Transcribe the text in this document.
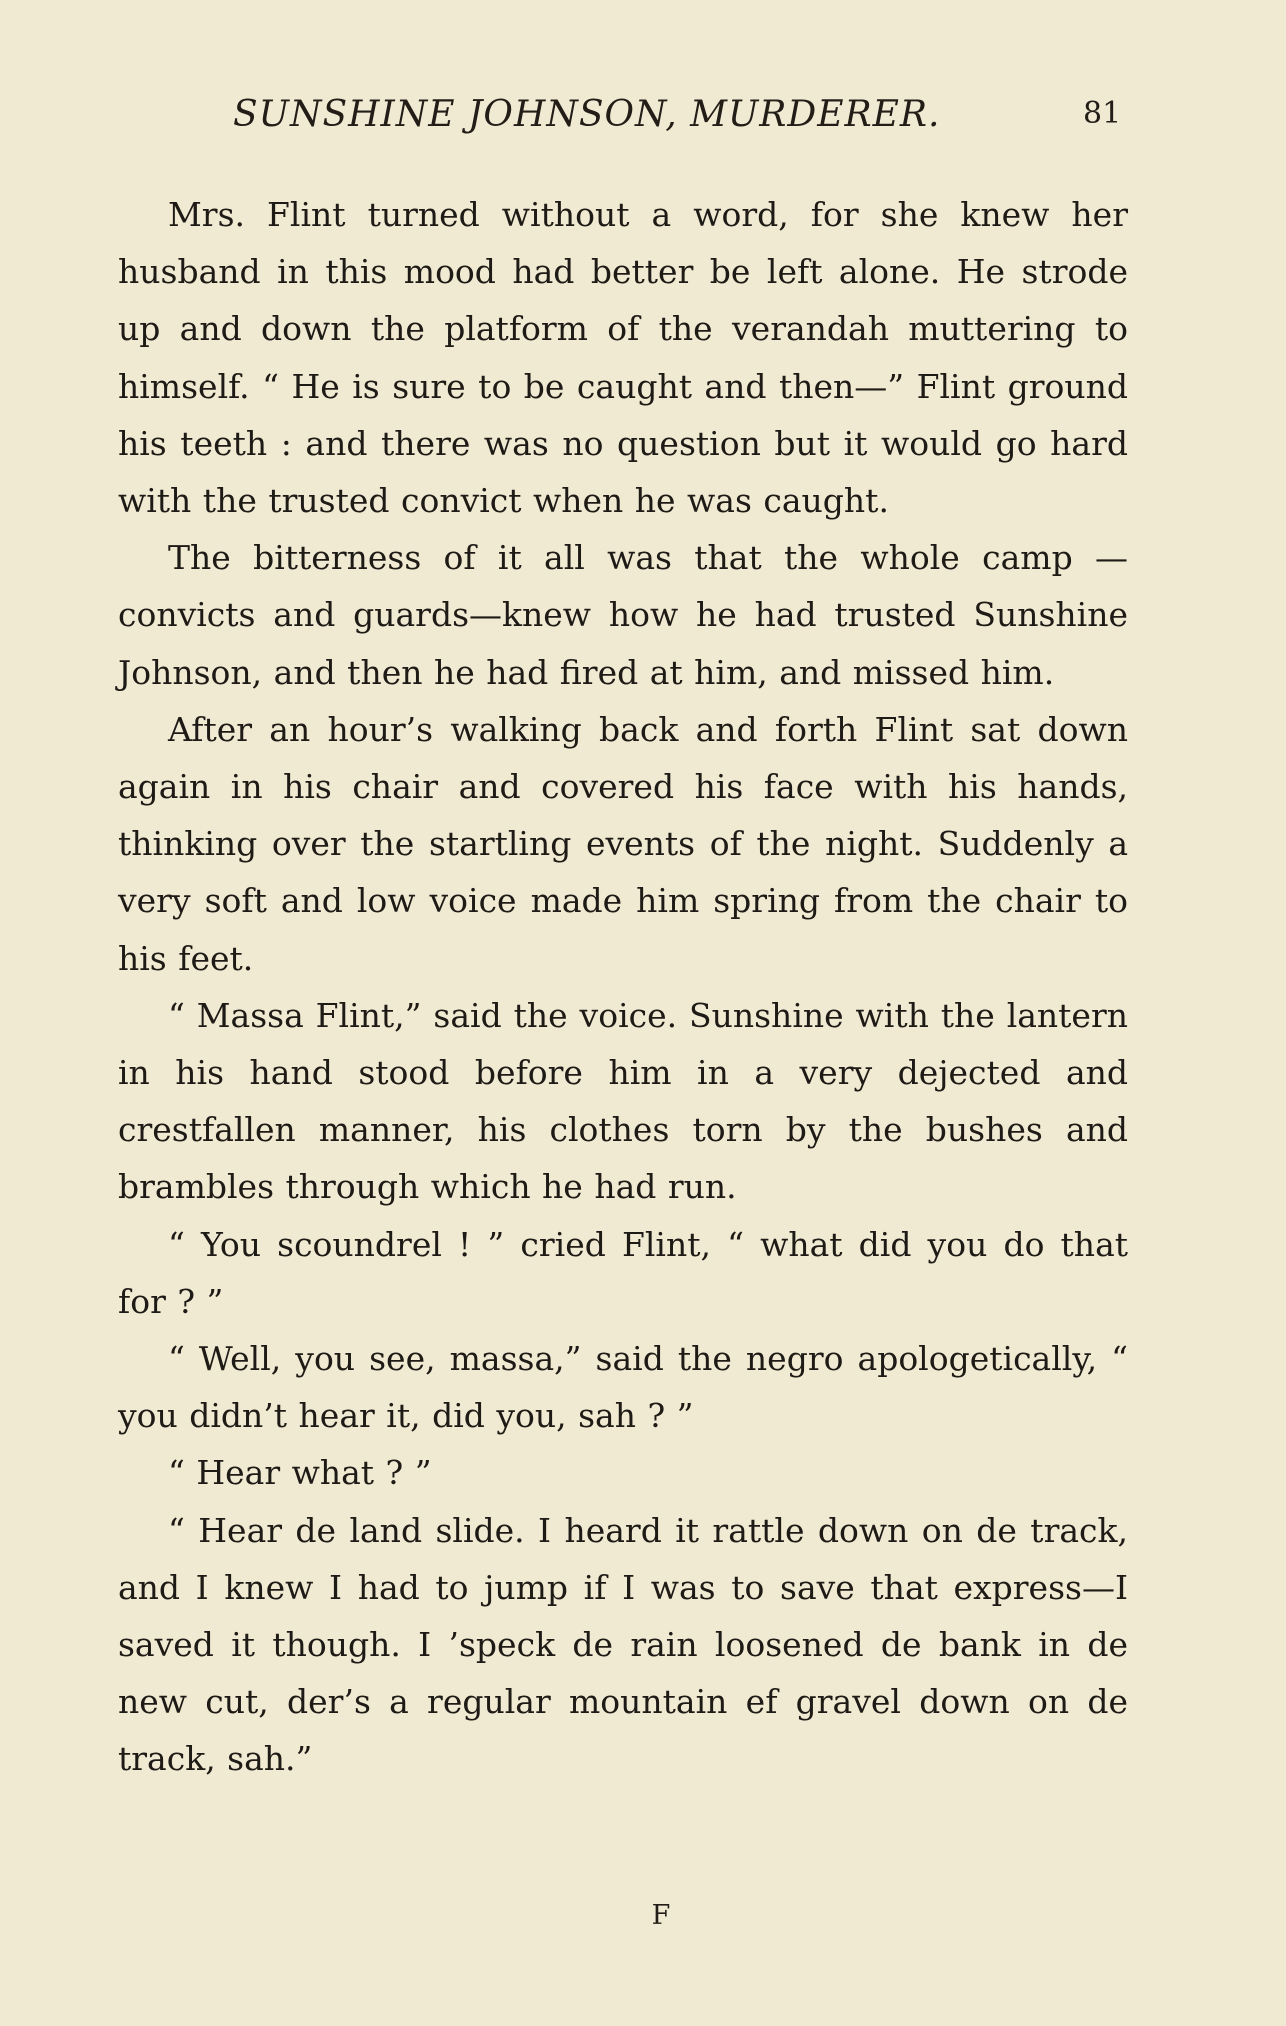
SUNSHINE JOHNSON, MURDERER.	81

Mrs. Flint turned without a word, for she knew her husband in this mood had better be left alone. He strode up and down the platform of the verandah muttering to himself. “ He is sure to be caught and then—” Flint ground his teeth : and there was no question but it would go hard with the trusted convict when he was caught.

The bitterness of it all was that the whole camp —convicts and guards—knew how he had trusted Sunshine Johnson, and then he had fired at him, and missed him.

After an hour’s walking back and forth Flint sat down again in his chair and covered his face with his hands, thinking over the startling events of the night. Suddenly a very soft and low voice made him spring from the chair to his feet.

“ Massa Flint,” said the voice. Sunshine with the lantern in his hand stood before him in a very dejected and crestfallen manner, his clothes torn by the bushes and brambles through which he had run.

“ You scoundrel ! ” cried Flint, “ what did you do that for ? ”

“ Well, you see, massa,” said the negro apologetically, “ you didn’t hear it, did you, sah ? ”

“ Hear what ? ”

“ Hear de land slide. I heard it rattle down on de track, and I knew I had to jump if I was to save that express—I saved it though. I ’speck de rain loosened de bank in de new cut, der’s a regular mountain ef gravel down on de track, sah.”

F
